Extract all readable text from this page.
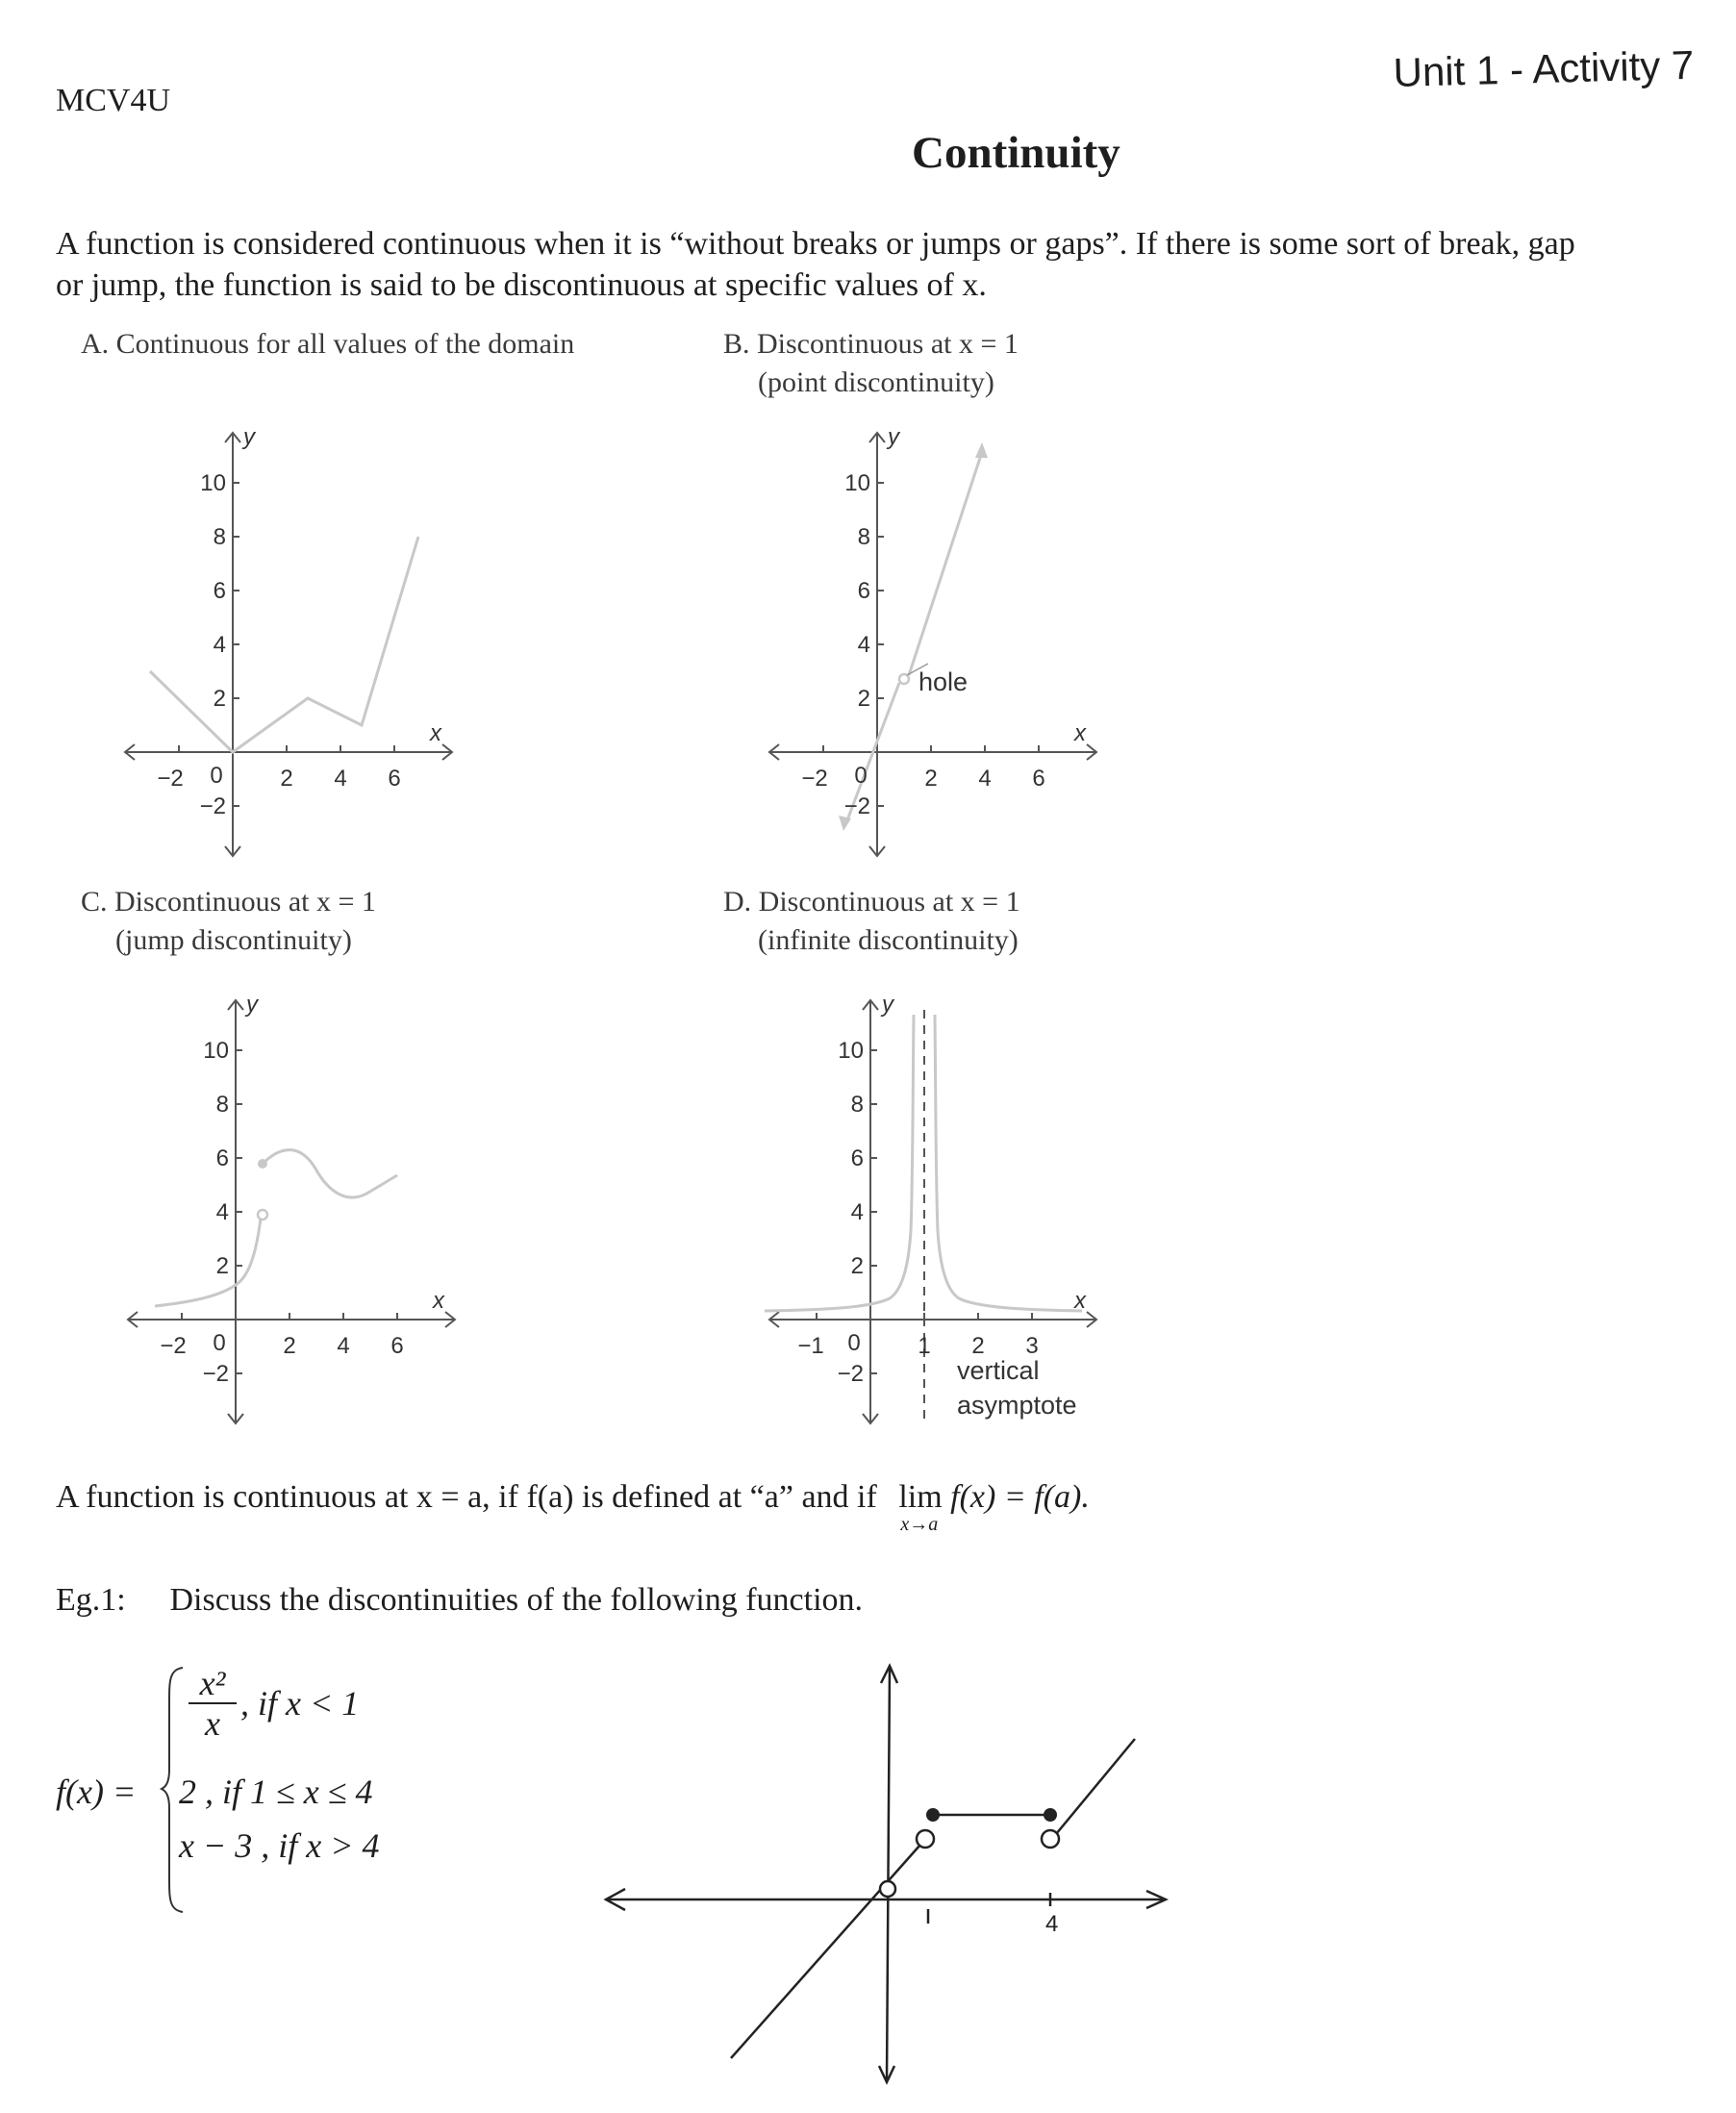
MCV4U
Unit 1 - Activity 7
Continuity
A function is considered continuous when it is “without breaks or jumps or gaps”. If there is some sort of break, gap or jump, the function is said to be discontinuous at specific values of x.
A. Continuous for all values of the domain	B. Discontinuous at x = 1
(point discontinuity)
C. Discontinuous at x = 1
(jump discontinuity)
D. Discontinuous at x = 1
(infinite discontinuity)
y
x
10
8
6
4
2
−2
−2 0 2 4 6
hole
y
x
10
8
6
4
2
−2
−2 0 2 4 6
y
x
10
8
6
4
2
−2
−2 0 2 4 6
y
x
10
8
6
4
2
−2
−1 0 1 2 3
vertical
asymptote
A function is continuous at x = a, if f(a) is defined at “a” and if lim
x→a
f(x) = f(a).
Eg.1: Discuss the discontinuities of the following function.
f(x) =
$\frac{\text{x²}}{x}$ , if x < 1
2 , if 1 ≤ x ≤ 4
x − 3 , if x > 4
4
